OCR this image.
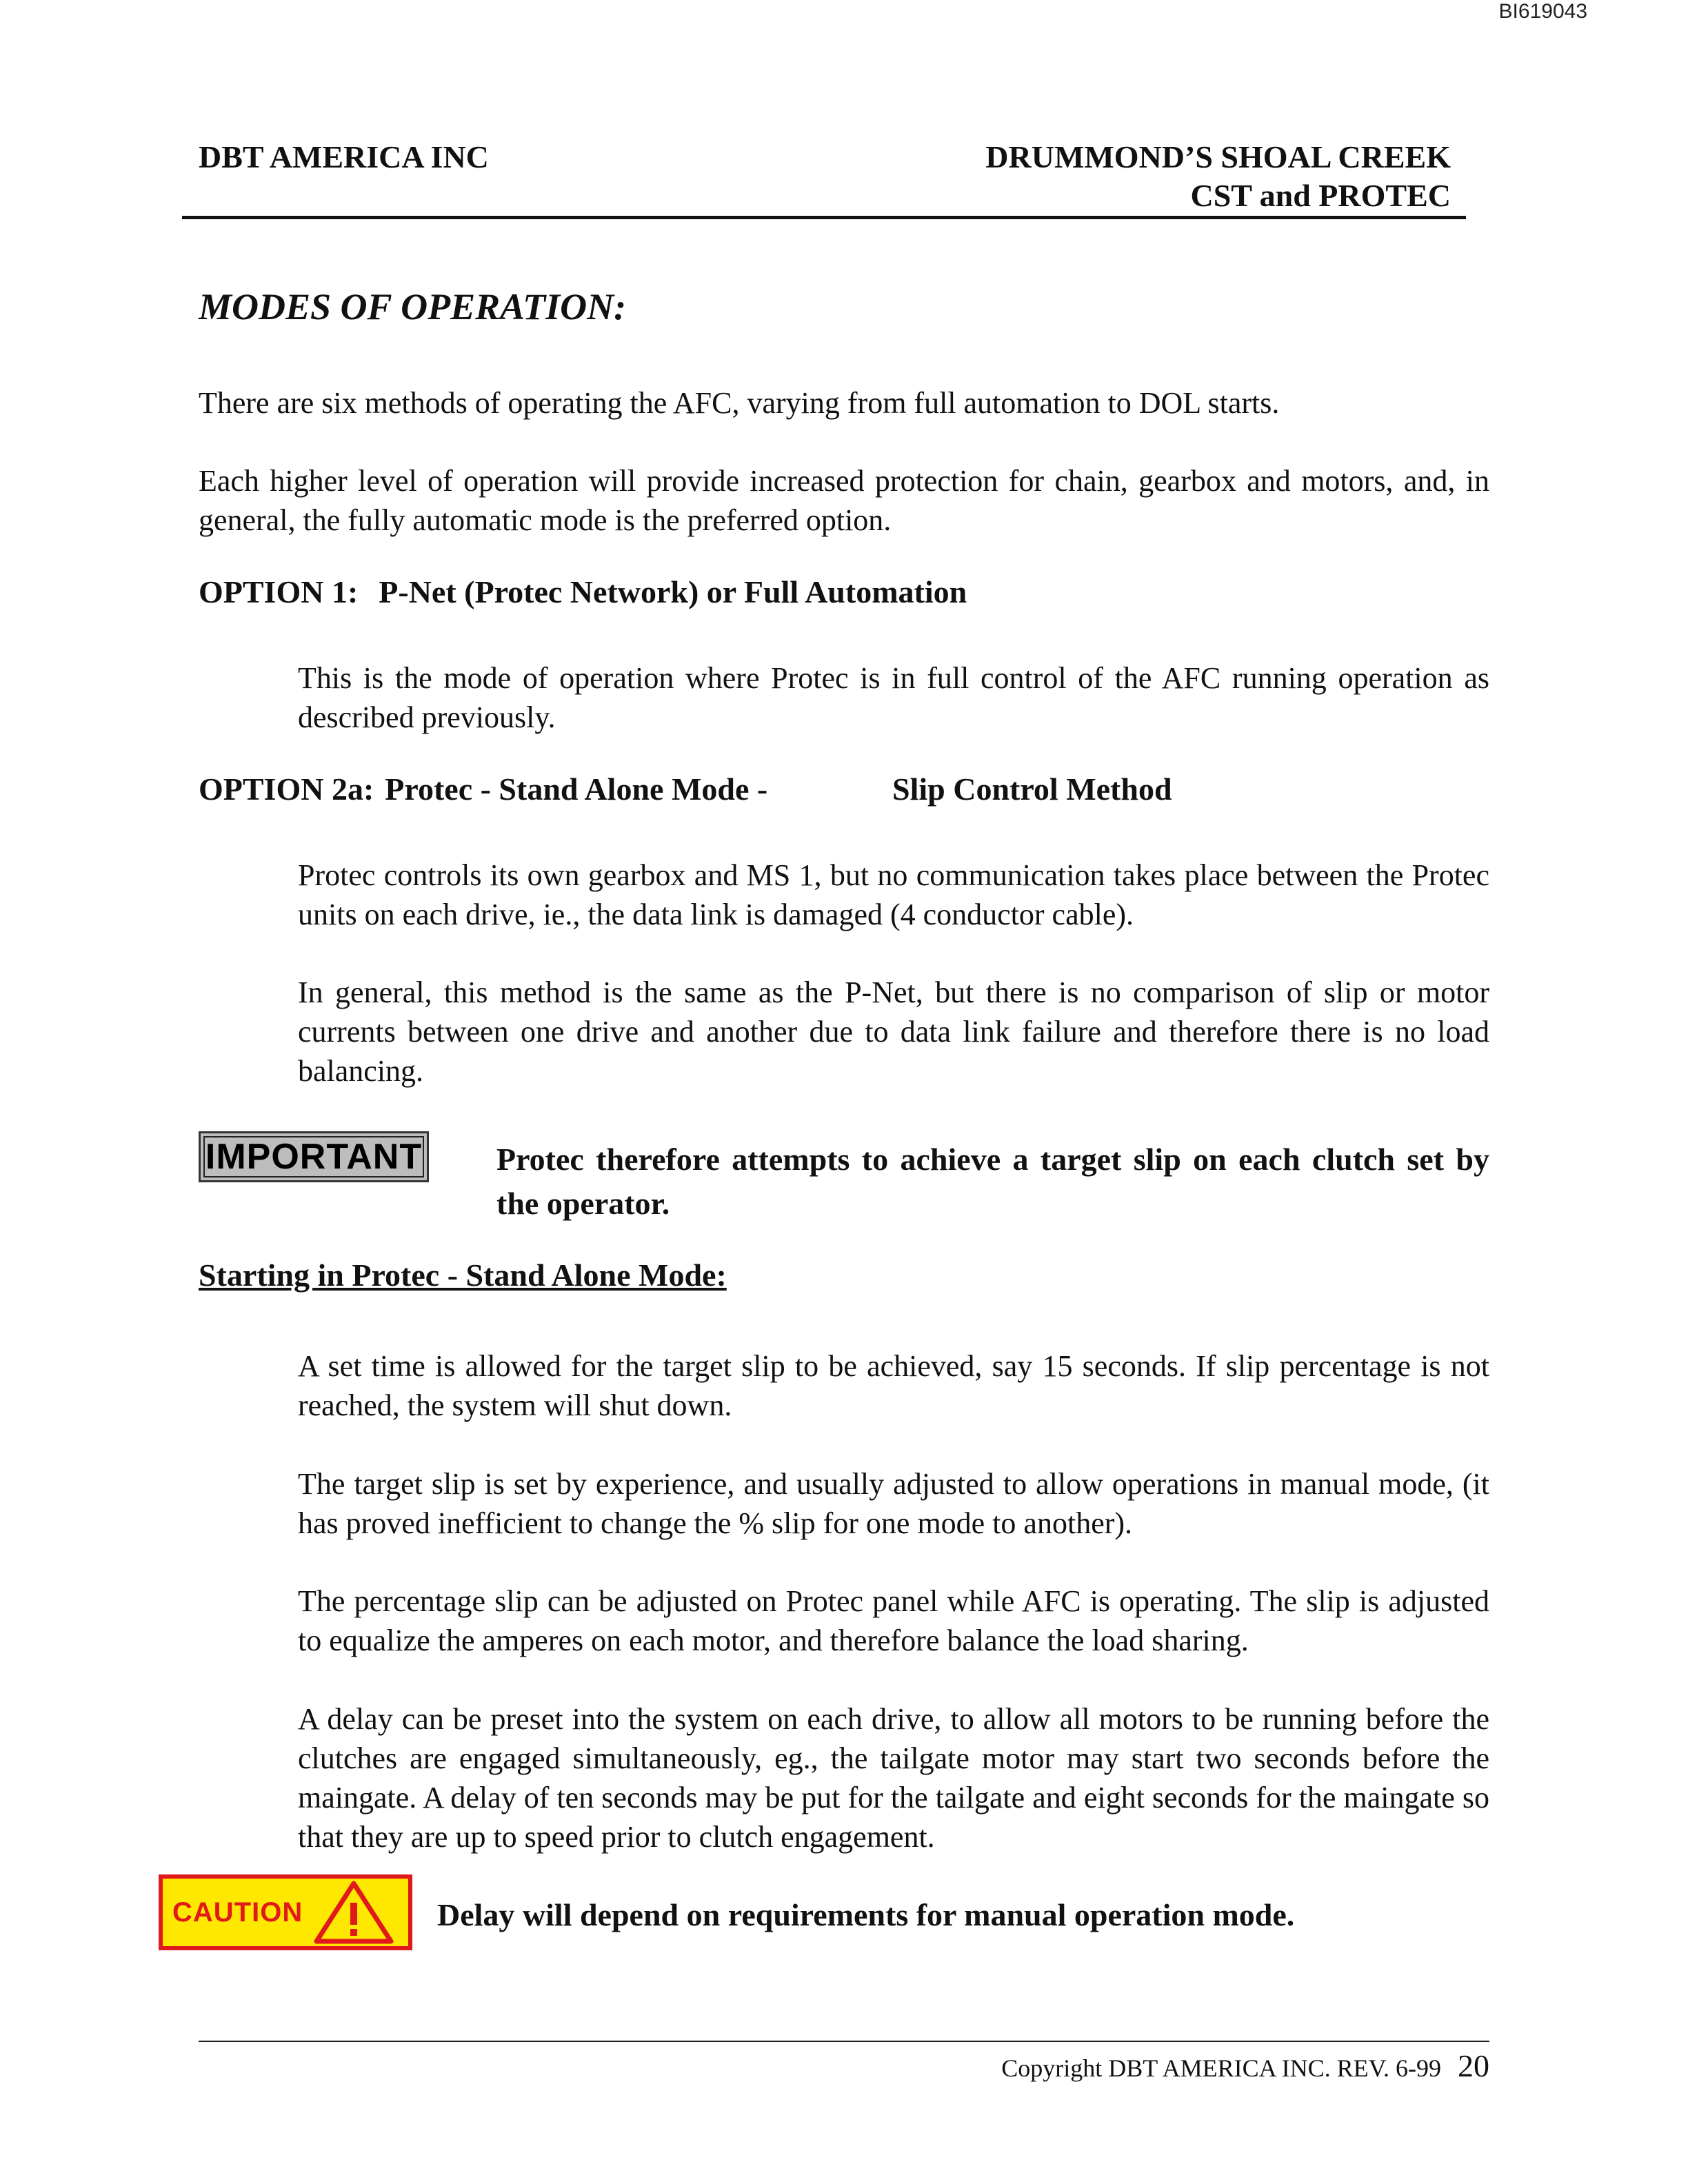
BI619043
DBT AMERICA INC	DRUMMOND’S SHOAL CREEK
CST and PROTEC
MODES OF OPERATION:
There are six methods of operating the AFC, varying from full automation to DOL starts.
Each higher level of operation will provide increased protection for chain, gearbox and motors, and, in general, the fully automatic mode is the preferred option.
OPTION 1: P-Net (Protec Network) or Full Automation
This is the mode of operation where Protec is in full control of the AFC running operation as described previously.
OPTION 2a: Protec - Stand Alone Mode -	Slip Control Method
Protec controls its own gearbox and MS 1, but no communication takes place between the Protec units on each drive, ie., the data link is damaged (4 conductor cable).
In general, this method is the same as the P-Net, but there is no comparison of slip or motor currents between one drive and another due to data link failure and therefore there is no load balancing.
IMPORTANT Protec therefore attempts to achieve a target slip on each clutch set by the operator.
Starting in Protec - Stand Alone Mode:
A set time is allowed for the target slip to be achieved, say 15 seconds. If slip percentage is not reached, the system will shut down.
The target slip is set by experience, and usually adjusted to allow operations in manual mode, (it has proved inefficient to change the % slip for one mode to another).
The percentage slip can be adjusted on Protec panel while AFC is operating. The slip is adjusted to equalize the amperes on each motor, and therefore balance the load sharing.
A delay can be preset into the system on each drive, to allow all motors to be running before the clutches are engaged simultaneously, eg., the tailgate motor may start two seconds before the maingate. A delay of ten seconds may be put for the tailgate and eight seconds for the maingate so that they are up to speed prior to clutch engagement.
CAUTION	Delay will depend on requirements for manual operation mode.
Copyright DBT AMERICA INC. REV. 6-99 20
